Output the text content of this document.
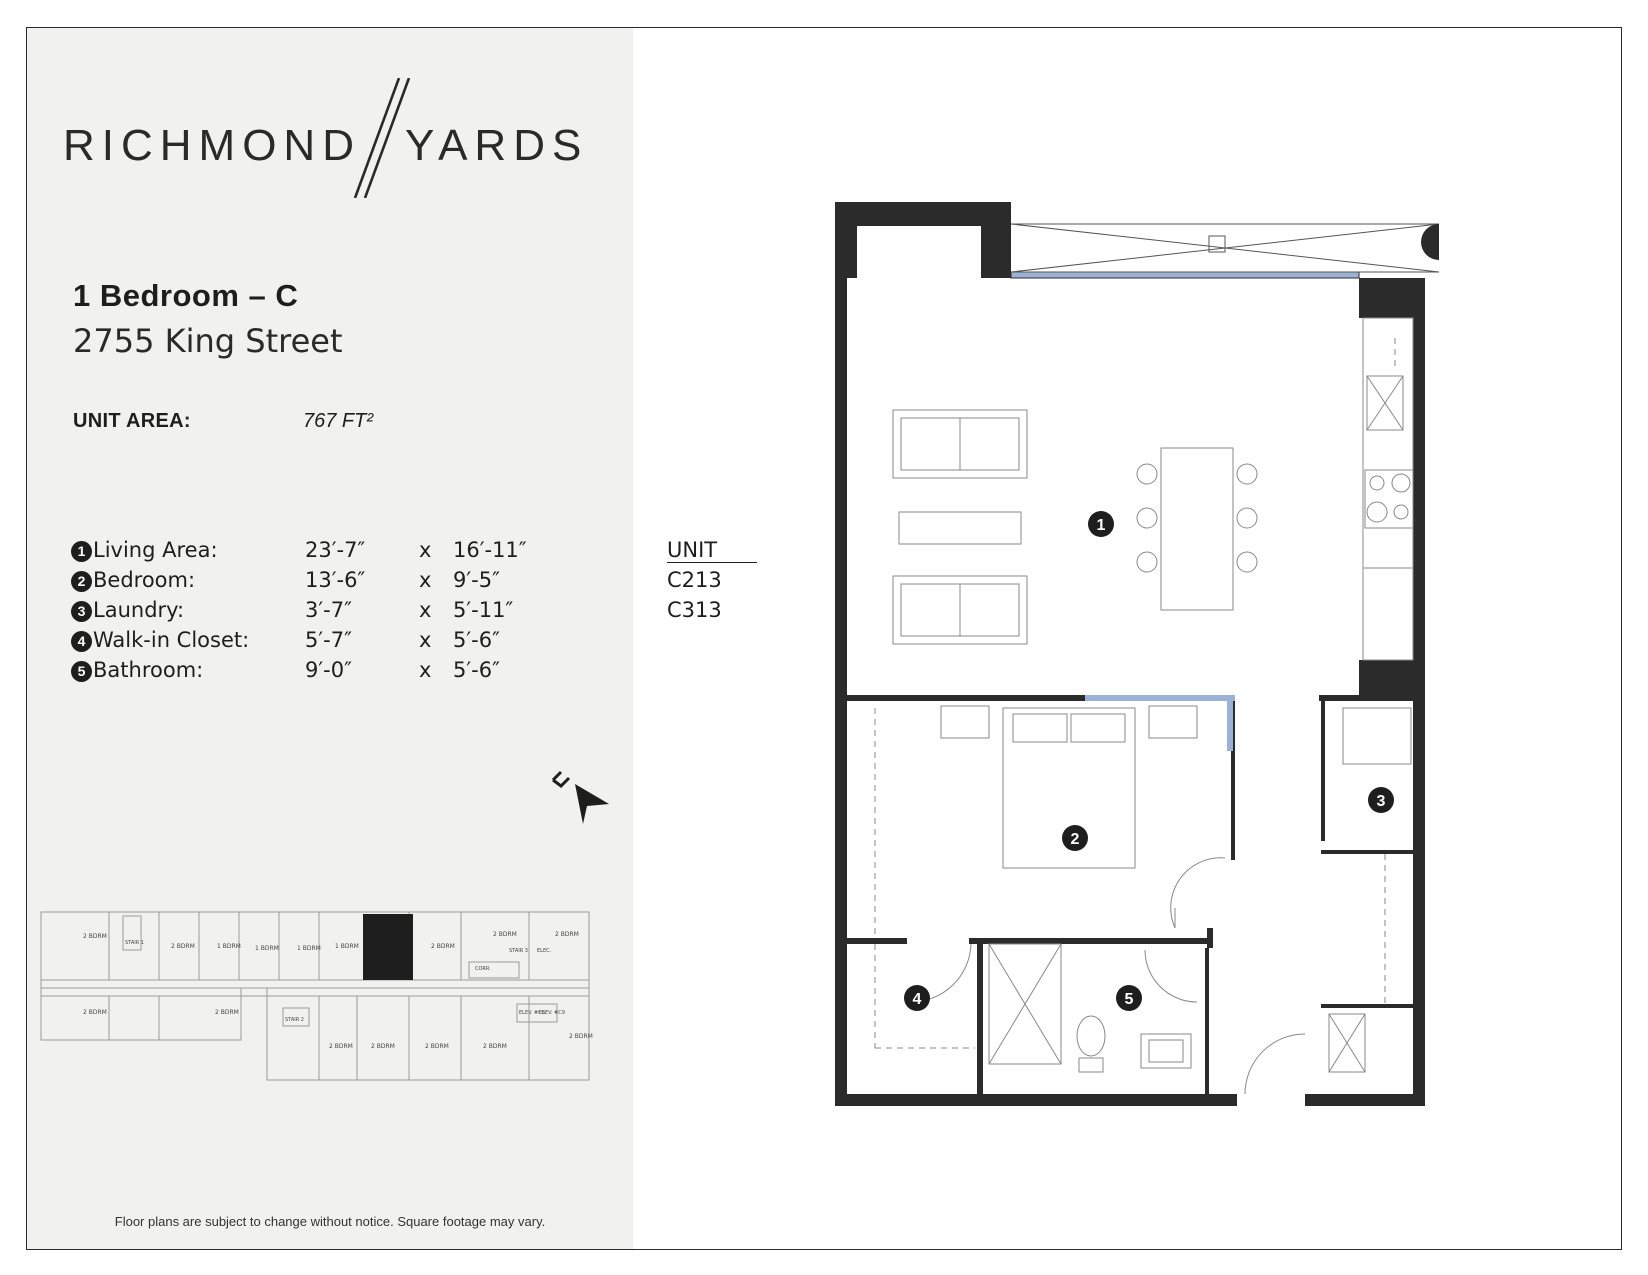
RICHMOND YARDS
1 Bedroom – C
2755 King Street
UNIT AREA:	767 FT²
1 Living Area:	23′-7″	x 16′-11″
2 Bedroom:	13′-6″	x 9′-5″
3 Laundry:	3′-7″	x 5′-11″
4 Walk-in Closet:	5′-7″	x 5′-6″
5 Bathroom:	9′-0″	x 5′-6″
2 BDRM
2 BDRM	1 BDRM 1 BDRM	1 BDRM 1 BDRM	2 BDRM
2 BDRM	2 BDRM
2 BDRM	2 BDRM
2 BDRM	2 BDRM	2 BDRM	2 BDRM
2 BDRM
STAIR 1
STAIR 2
STAIR 3 ELEC.
CORR.
ELEV. #C8
ELEV. #C9
Floor plans are subject to change without notice. Square footage may vary.
UNIT
C213
C313
1
2
3
4	5
